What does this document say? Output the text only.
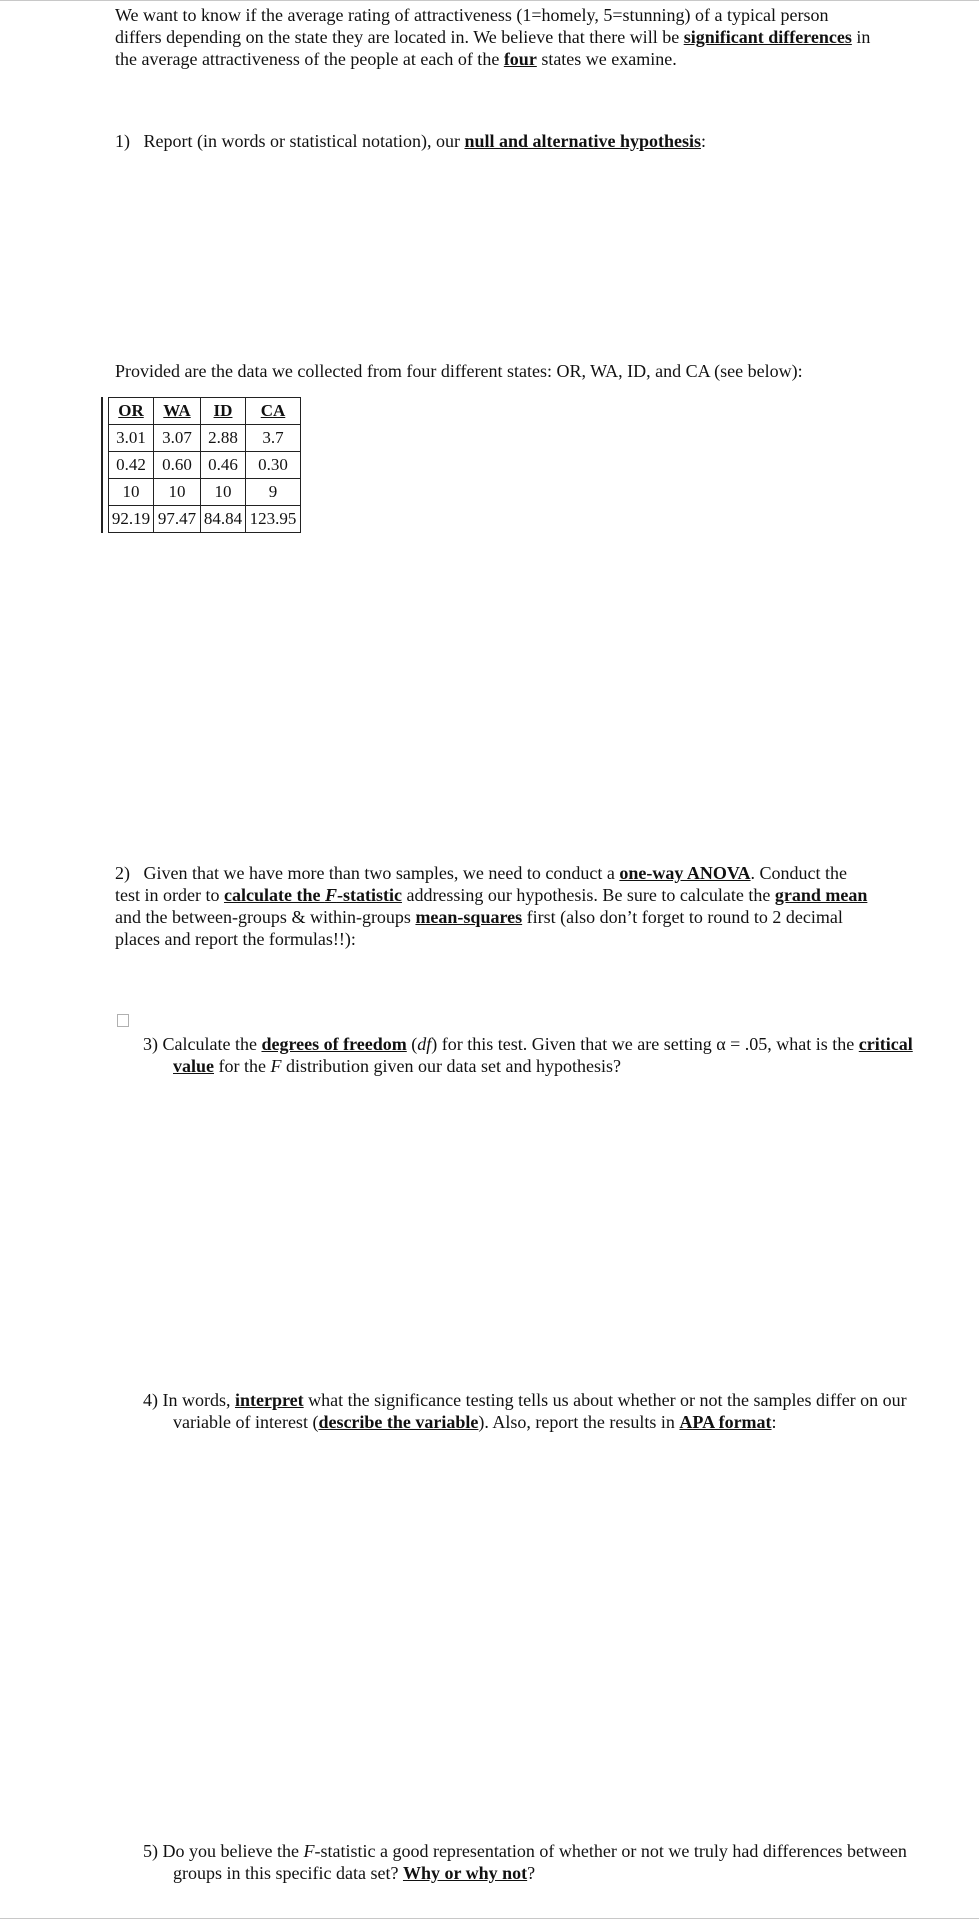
We want to know if the average rating of attractiveness (1=homely, 5=stunning) of a typical person differs depending on the state they are located in. We believe that there will be significant differences in the average attractiveness of the people at each of the four states we examine.

1) Report (in words or statistical notation), our null and alternative hypothesis:

Provided are the data we collected from four different states: OR, WA, ID, and CA (see below):

OR	WA	ID	CA
3.01	3.07	2.88	3.7
0.42	0.60	0.46	0.30
10	10	10	9
92.19	97.47	84.84	123.95

2) Given that we have more than two samples, we need to conduct a one-way ANOVA. Conduct the test in order to calculate the F-statistic addressing our hypothesis. Be sure to calculate the grand mean and the between-groups & within-groups mean-squares first (also don’t forget to round to 2 decimal places and report the formulas!!):

3) Calculate the degrees of freedom (df) for this test. Given that we are setting α = .05, what is the critical value for the F distribution given our data set and hypothesis?

4) In words, interpret what the significance testing tells us about whether or not the samples differ on our variable of interest (describe the variable). Also, report the results in APA format:

5) Do you believe the F-statistic a good representation of whether or not we truly had differences between groups in this specific data set? Why or why not?
